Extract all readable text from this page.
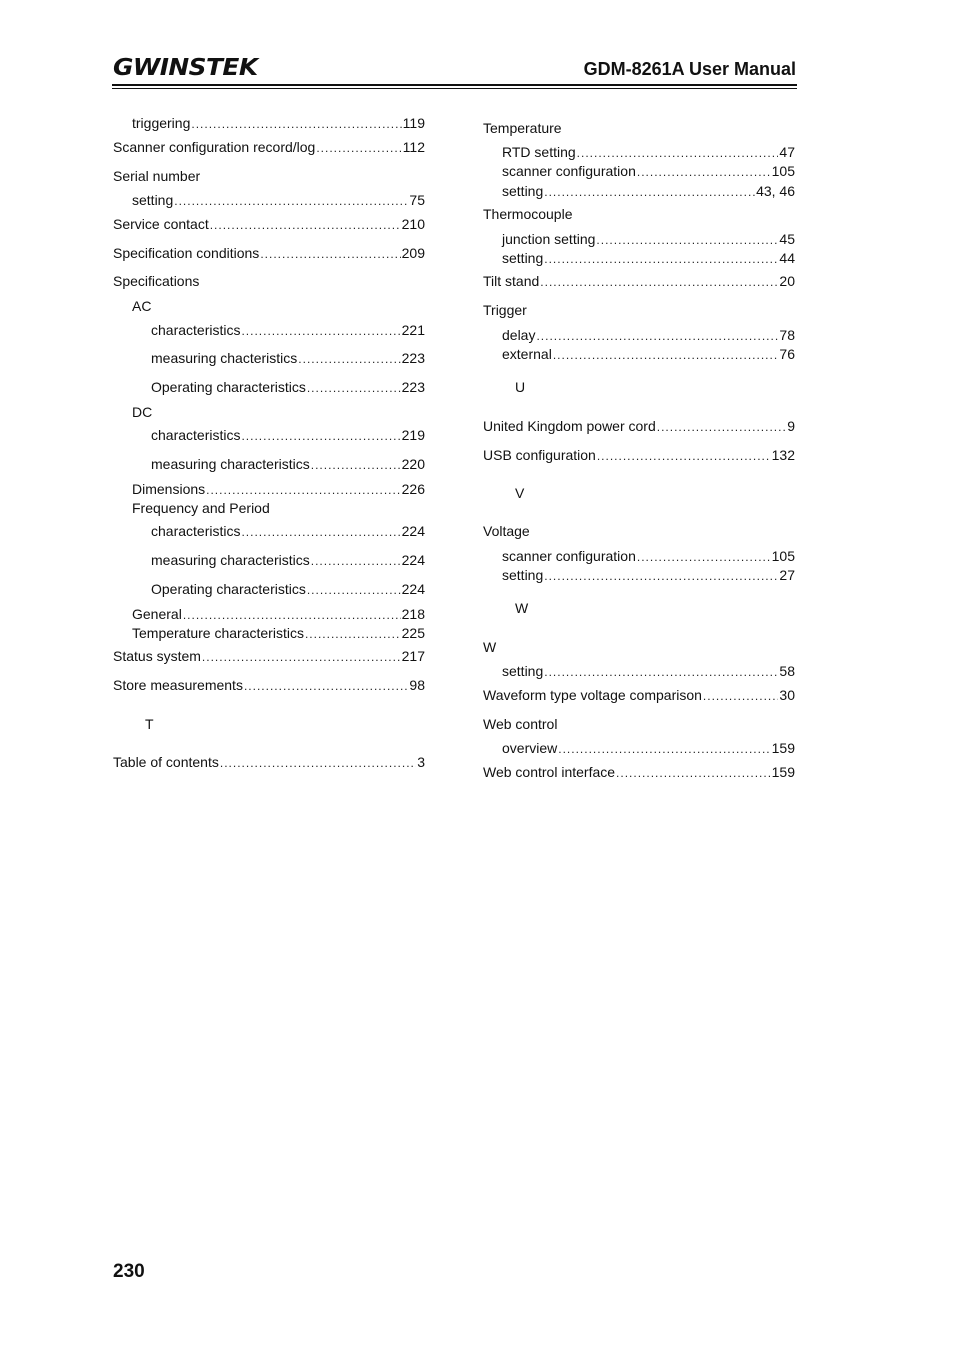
GWINSTEK	GDM-8261A User Manual
triggering .....	119
Scanner configuration record/log .....	112
Serial number
setting .....	75
Service contact .....	210
Specification conditions .....	209
Specifications
AC
characteristics .....	221
measuring chacteristics .....	223
Operating characteristics .....	223
DC
characteristics .....	219
measuring characteristics .....	220
Dimensions .....	226
Frequency and Period
characteristics .....	224
measuring characteristics .....	224
Operating characteristics .....	224
General .....	218
Temperature characteristics .....	225
Status system .....	217
Store measurements .....	98
T
Table of contents .....	3
Temperature
RTD setting .....	47
scanner configuration .....	105
setting .....	43, 46
Thermocouple
junction setting .....	45
setting .....	44
Tilt stand .....	20
Trigger
delay .....	78
external .....	76
U
United Kingdom power cord .....	9
USB configuration .....	132
V
Voltage
scanner configuration .....	105
setting .....	27
W
W
setting .....	58
Waveform type voltage comparison .....	30
Web control
overview .....	159
Web control interface .....	159
230
